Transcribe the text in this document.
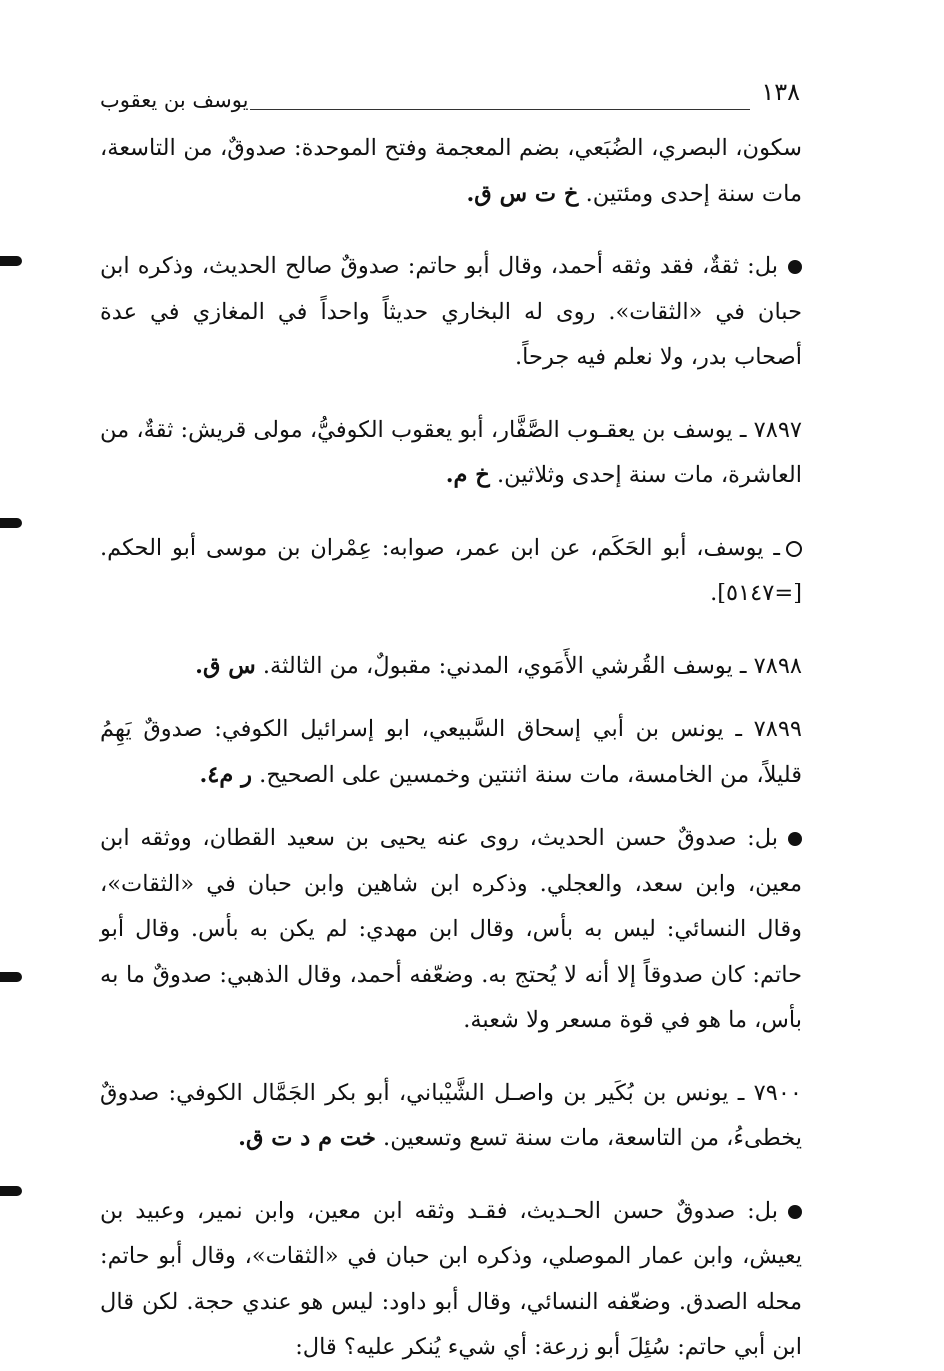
يوسف بن يعقوب	١٣٨

سكون، البصري، الضُبَعي، بضم المعجمة وفتح الموحدة: صدوقٌ، من التاسعة، مات سنة إحدى ومئتين. خ ت س ق.

بل: ثقةٌ، فقد وثقه أحمد، وقال أبو حاتم: صدوقٌ صالح الحديث، وذكره ابن حبان في «الثقات». روى له البخاري حديثاً واحداً في المغازي في عدة أصحاب بدر، ولا نعلم فيه جرحاً.

٧٨٩٧ ـ يوسف بن يعقـوب الصَّفَّار، أبو يعقوب الكوفيُّ، مولى قريش: ثقةٌ، من العاشرة، مات سنة إحدى وثلاثين. خ م.

ـ يوسف، أبو الحَكَم، عن ابن عمر، صوابه: عِمْران بن موسى أبو الحكم. [=٥١٤٧].

٧٨٩٨ ـ يوسف القُرشي الأَمَوي، المدني: مقبولٌ، من الثالثة. س ق.

٧٨٩٩ ـ يونس بن أبي إسحاق السَّبيعي، ابو إسرائيل الكوفي: صدوقٌ يَهِمُ قليلاً، من الخامسة، مات سنة اثنتين وخمسين على الصحيح. ر م٤.

بل: صدوقٌ حسن الحديث، روى عنه يحيى بن سعيد القطان، ووثقه ابن معين، وابن سعد، والعجلي. وذكره ابن شاهين وابن حبان في «الثقات»، وقال النسائي: ليس به بأس، وقال ابن مهدي: لم يكن به بأس. وقال أبو حاتم: كان صدوقاً إلا أنه لا يُحتج به. وضعّفه أحمد، وقال الذهبي: صدوقٌ ما به بأس، ما هو في قوة مسعر ولا شعبة.

٧٩٠٠ ـ يونس بن بُكَير بن واصـل الشَّيْباني، أبو بكر الجَمَّال الكوفي: صدوقٌ يخطىءُ، من التاسعة، مات سنة تسع وتسعين. خت م د ت ق.

بل: صدوقٌ حسن الحـديث، فقـد وثقه ابن معين، وابن نمير، وعبيد بن يعيش، وابن عمار الموصلي، وذكره ابن حبان في «الثقات»، وقال أبو حاتم: محله الصدق. وضعّفه النسائي، وقال أبو داود: ليس هو عندي حجة. لكن قال ابن أبي حاتم: سُئِلَ أبو زرعة: أي شيء يُنكر عليه؟ قال:
